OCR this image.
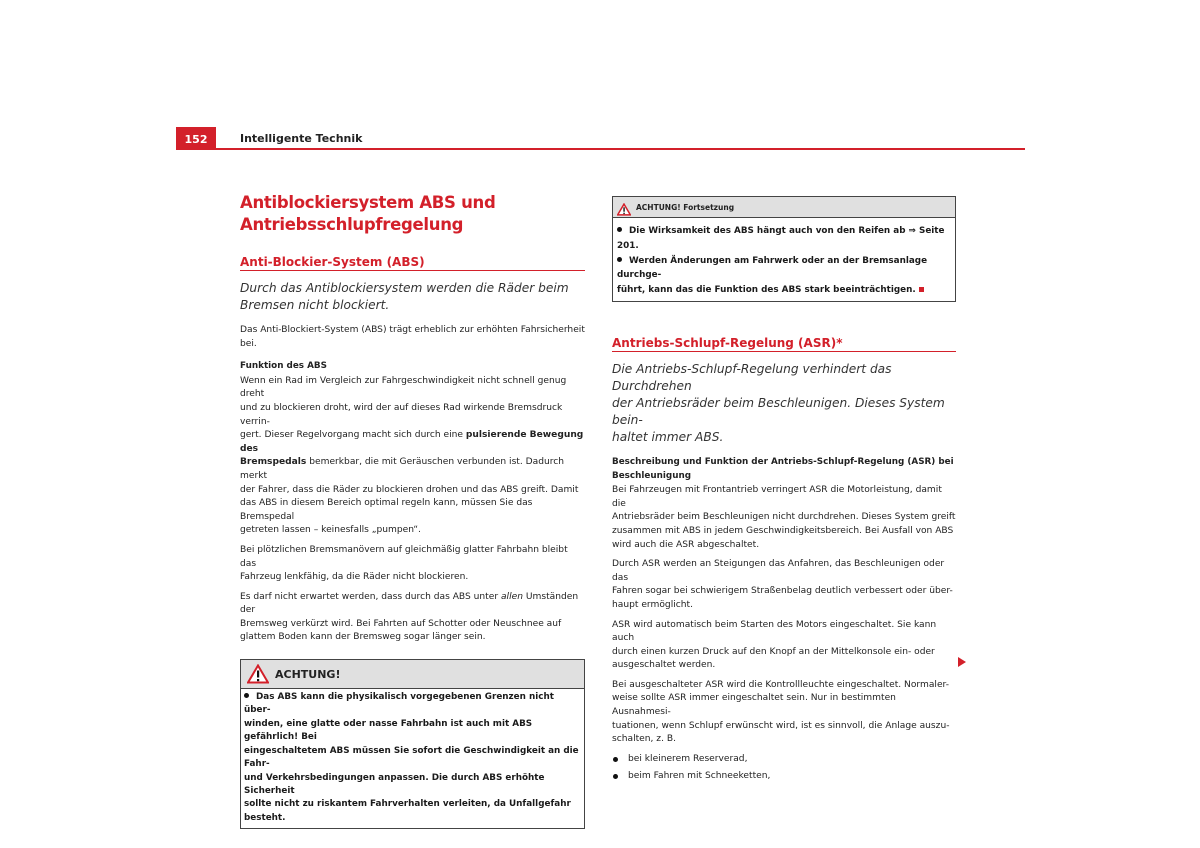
152	Intelligente Technik
Antiblockiersystem ABS und
Antriebsschlupfregelung
Anti-Blockier-System (ABS)

Durch das Antiblockiersystem werden die Räder beim
Bremsen nicht blockiert.

Das Anti-Blockiert-System (ABS) trägt erheblich zur erhöhten Fahrsicherheit
bei.

Funktion des ABS

Wenn ein Rad im Vergleich zur Fahrgeschwindigkeit nicht schnell genug dreht
und zu blockieren droht, wird der auf dieses Rad wirkende Bremsdruck verrin-
gert. Dieser Regelvorgang macht sich durch eine pulsierende Bewegung des
Bremspedals bemerkbar, die mit Geräuschen verbunden ist. Dadurch merkt
der Fahrer, dass die Räder zu blockieren drohen und das ABS greift. Damit
das ABS in diesem Bereich optimal regeln kann, müssen Sie das Bremspedal
getreten lassen – keinesfalls „pumpen“.

Bei plötzlichen Bremsmanövern auf gleichmäßig glatter Fahrbahn bleibt das
Fahrzeug lenkfähig, da die Räder nicht blockieren.

Es darf nicht erwartet werden, dass durch das ABS unter allen Umständen der
Bremsweg verkürzt wird. Bei Fahrten auf Schotter oder Neuschnee auf
glattem Boden kann der Bremsweg sogar länger sein.

ACHTUNG!
Das ABS kann die physikalisch vorgegebenen Grenzen nicht über-
winden, eine glatte oder nasse Fahrbahn ist auch mit ABS gefährlich! Bei
eingeschaltetem ABS müssen Sie sofort die Geschwindigkeit an die Fahr-
und Verkehrsbedingungen anpassen. Die durch ABS erhöhte Sicherheit
sollte nicht zu riskantem Fahrverhalten verleiten, da Unfallgefahr besteht.
ACHTUNG! Fortsetzung
Die Wirksamkeit des ABS hängt auch von den Reifen ab ⇒ Seite 201.
Werden Änderungen am Fahrwerk oder an der Bremsanlage durchge-
führt, kann das die Funktion des ABS stark beeinträchtigen.
Antriebs-Schlupf-Regelung (ASR)*

Die Antriebs-Schlupf-Regelung verhindert das Durchdrehen
der Antriebsräder beim Beschleunigen. Dieses System bein-
haltet immer ABS.

Beschreibung und Funktion der Antriebs-Schlupf-Regelung (ASR) bei
Beschleunigung

Bei Fahrzeugen mit Frontantrieb verringert ASR die Motorleistung, damit die
Antriebsräder beim Beschleunigen nicht durchdrehen. Dieses System greift
zusammen mit ABS in jedem Geschwindigkeitsbereich. Bei Ausfall von ABS
wird auch die ASR abgeschaltet.

Durch ASR werden an Steigungen das Anfahren, das Beschleunigen oder das
Fahren sogar bei schwierigem Straßenbelag deutlich verbessert oder über-
haupt ermöglicht.

ASR wird automatisch beim Starten des Motors eingeschaltet. Sie kann auch
durch einen kurzen Druck auf den Knopf an der Mittelkonsole ein- oder
ausgeschaltet werden.

Bei ausgeschalteter ASR wird die Kontrollleuchte eingeschaltet. Normaler-
weise sollte ASR immer eingeschaltet sein. Nur in bestimmten Ausnahmesi-
tuationen, wenn Schlupf erwünscht wird, ist es sinnvoll, die Anlage auszu-
schalten, z. B.

bei kleinerem Reserverad,

beim Fahren mit Schneeketten,
